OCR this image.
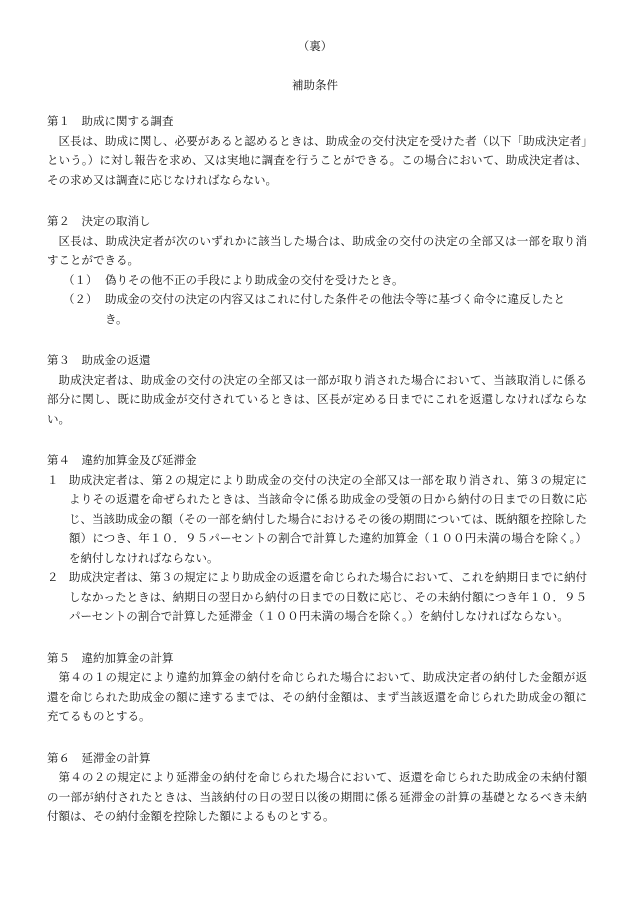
（裏）
補助条件
第１　助成に関する調査
区長は、助成に関し、必要があると認めるときは、助成金の交付決定を受けた者（以下「助成決定者」という。）に対し報告を求め、又は実地に調査を行うことができる。この場合において、助成決定者は、その求め又は調査に応じなければならない。
第２　決定の取消し
区長は、助成決定者が次のいずれかに該当した場合は、助成金の交付の決定の全部又は一部を取り消すことができる。
（１） 偽りその他不正の手段により助成金の交付を受けたとき。
（２） 助成金の交付の決定の内容又はこれに付した条件その他法令等に基づく命令に違反したとき。
第３　助成金の返還
助成決定者は、助成金の交付の決定の全部又は一部が取り消された場合において、当該取消しに係る部分に関し、既に助成金が交付されているときは、区長が定める日までにこれを返還しなければならない。
第４　違約加算金及び延滞金
１ 助成決定者は、第２の規定により助成金の交付の決定の全部又は一部を取り消され、第３の規定によりその返還を命ぜられたときは、当該命令に係る助成金の受領の日から納付の日までの日数に応じ、当該助成金の額（その一部を納付した場合におけるその後の期間については、既納額を控除した額）につき、年１０．９５パーセントの割合で計算した違約加算金（１００円未満の場合を除く。）を納付しなければならない。
２ 助成決定者は、第３の規定により助成金の返還を命じられた場合において、これを納期日までに納付しなかったときは、納期日の翌日から納付の日までの日数に応じ、その未納付額につき年１０．９５パーセントの割合で計算した延滞金（１００円未満の場合を除く。）を納付しなければならない。
第５　違約加算金の計算
第４の１の規定により違約加算金の納付を命じられた場合において、助成決定者の納付した金額が返還を命じられた助成金の額に達するまでは、その納付金額は、まず当該返還を命じられた助成金の額に充てるものとする。
第６　延滞金の計算
第４の２の規定により延滞金の納付を命じられた場合において、返還を命じられた助成金の未納付額の一部が納付されたときは、当該納付の日の翌日以後の期間に係る延滞金の計算の基礎となるべき未納付額は、その納付金額を控除した額によるものとする。
